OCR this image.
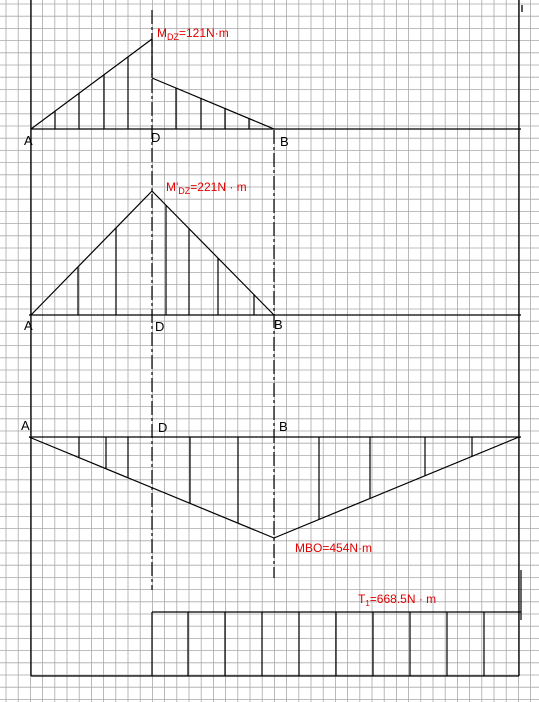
A	D	B
$M_{DZ}=121N\cdot m$
A	D	B
$M'_{DZ}=221N \cdot m$
A	D	B
MBO=454N·m
$T_1=668.5N \cdot m$
